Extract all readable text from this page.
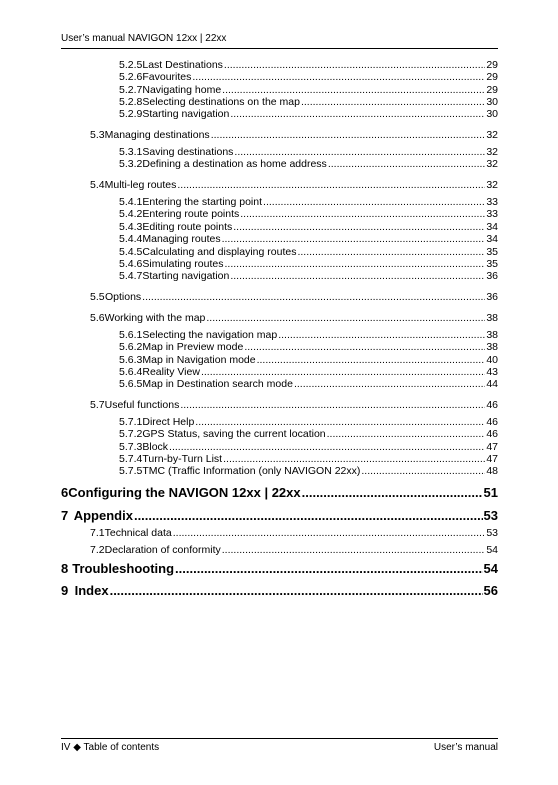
User’s manual NAVIGON 12xx | 22xx
5.2.5 Last Destinations .....	29
5.2.6 Favourites .....	29
5.2.7 Navigating home .....	29
5.2.8 Selecting destinations on the map .....	30
5.2.9 Starting navigation .....	30
5.3 Managing destinations .....	32
5.3.1 Saving destinations .....	32
5.3.2 Defining a destination as home address .....	32
5.4 Multi-leg routes .....	32
5.4.1 Entering the starting point .....	33
5.4.2 Entering route points .....	33
5.4.3 Editing route points .....	34
5.4.4 Managing routes .....	34
5.4.5 Calculating and displaying routes .....	35
5.4.6 Simulating routes .....	35
5.4.7 Starting navigation .....	36
5.5 Options .....	36
5.6 Working with the map .....	38
5.6.1 Selecting the navigation map .....	38
5.6.2 Map in Preview mode .....	38
5.6.3 Map in Navigation mode .....	40
5.6.4 Reality View .....	43
5.6.5 Map in Destination search mode .....	44
5.7 Useful functions .....	46
5.7.1 Direct Help .....	46
5.7.2 GPS Status, saving the current location .....	46
5.7.3 Block .....	47
5.7.4 Turn-by-Turn List .....	47
5.7.5 TMC (Traffic Information (only NAVIGON 22xx) .....	48
6 Configuring the NAVIGON 12xx | 22xx .....	51
7 Appendix .....	53
7.1 Technical data .....	53
7.2 Declaration of conformity .....	54
8 Troubleshooting .....	54
9 Index .....	56
IV ◆ Table of contents	User’s manual
